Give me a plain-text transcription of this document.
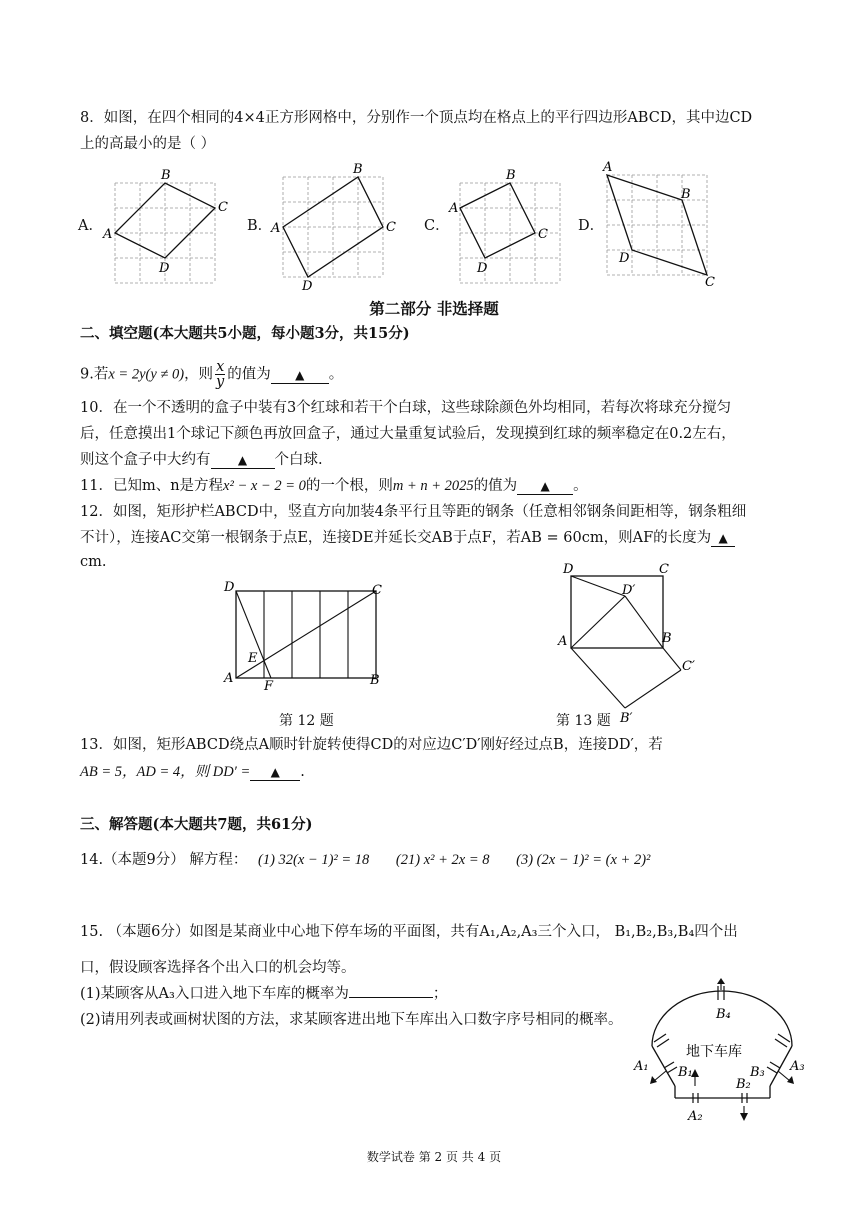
8．如图，在四个相同的4×4正方形网格中，分别作一个顶点均在格点上的平行四边形ABCD，其中边CD
上的高最小的是（ ）
A．	B．	C．	D．
A
B
C
D
A
B
C
D
A
B
C
D
A
B
C
D
第二部分 非选择题
二、填空题(本大题共5小题，每小题3分，共15分)
9.若x = 2y(y ≠ 0)，则 $\frac{x}{y}$ 的值为 ▲ 。
10．在一个不透明的盒子中装有3个红球和若干个白球，这些球除颜色外均相同，若每次将球充分搅匀
后，任意摸出1个球记下颜色再放回盒子，通过大量重复试验后，发现摸到红球的频率稳定在0.2左右，
则这个盒子中大约有 ▲ 个白球.
11．已知m、n是方程x² − x − 2 = 0的一个根，则m + n + 2025的值为 ▲ 。
12．如图，矩形护栏ABCD中，竖直方向加装4条平行且等距的钢条（任意相邻钢条间距相等，钢条粗细
不计），连接AC交第一根钢条于点E，连接DE并延长交AB于点F，若AB = 60cm，则AF的长度为 ▲
cm.
D	C
E
A
F	B
第 12 题
D	C
D′
A	B
C′
B′
第 13 题
13．如图，矩形ABCD绕点A顺时针旋转使得CD的对应边C′D′刚好经过点B，连接DD′，若
AB = 5，AD = 4，则 DD′ = ▲ .
三、解答题(本大题共7题，共61分)
14.（本题9分） 解方程： (1) 32(x − 1)² = 18 (21) x² + 2x = 8 (3) (2x − 1)² = (x + 2)²
15. （本题6分）如图是某商业中心地下停车场的平面图，共有A₁,A₂,A₃三个入口， B₁,B₂,B₃,B₄四个出
口，假设顾客选择各个出入口的机会均等。
(1)某顾客从A₃入口进入地下车库的概率为	；
(2)请用列表或画树状图的方法，求某顾客进出地下车库出入口数字序号相同的概率。	B₄
地下车库
A₁	A₃
B₁	B₃
B₂
A₂
数学试卷 第 2 页 共 4 页
